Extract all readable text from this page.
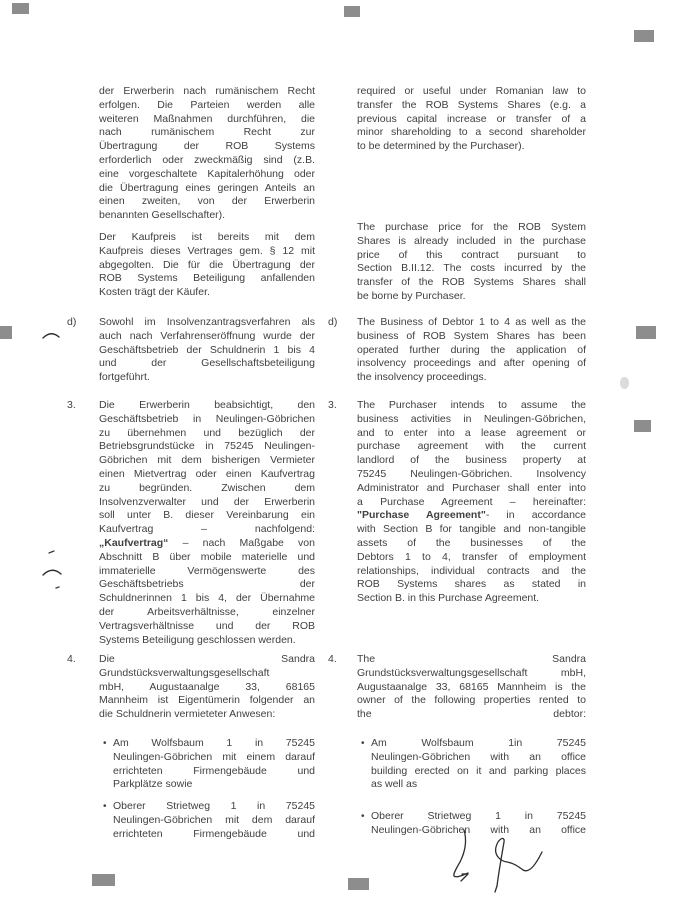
der Erwerberin nach rumänischem Recht
erfolgen. Die Parteien werden alle
weiteren Maßnahmen durchführen, die
nach rumänischem Recht zur
Übertragung der ROB Systems
erforderlich oder zweckmäßig sind (z.B.
eine vorgeschaltete Kapitalerhöhung oder
die Übertragung eines geringen Anteils an
einen zweiten, von der Erwerberin
benannten Gesellschafter).
Der Kaufpreis ist bereits mit dem
Kaufpreis dieses Vertrages gem. § 12 mit
abgegolten. Die für die Übertragung der
ROB Systems Beteiligung anfallenden
Kosten trägt der Käufer.
d)	Sowohl im Insolvenzantragsverfahren als
auch nach Verfahrenseröffnung wurde der
Geschäftsbetrieb der Schuldnerin 1 bis 4
und der Gesellschaftsbeteiligung
fortgeführt.
3.	Die Erwerberin beabsichtigt, den
Geschäftsbetrieb in Neulingen-Göbrichen
zu übernehmen und bezüglich der
Betriebsgrundstücke in 75245 Neulingen-
Göbrichen mit dem bisherigen Vermieter
einen Mietvertrag oder einen Kaufvertrag
zu begründen. Zwischen dem
Insolvenzverwalter und der Erwerberin
soll unter B. dieser Vereinbarung ein
Kaufvertrag – nachfolgend:
„Kaufvertrag“ – nach Maßgabe von
Abschnitt B über mobile materielle und
immaterielle Vermögenswerte des
Geschäftsbetriebs der
Schuldnerinnen 1 bis 4, der Übernahme
der Arbeitsverhältnisse, einzelner
Vertragsverhältnisse und der ROB
Systems Beteiligung geschlossen werden.
4.	Die Sandra
Grundstücksverwaltungsgesellschaft
mbH, Augustaanalge 33, 68165
Mannheim ist Eigentümerin folgender an
die Schuldnerin vermieteter Anwesen:
• Am Wolfsbaum 1 in 75245
Neulingen-Göbrichen mit einem darauf
errichteten Firmengebäude und
Parkplätze sowie
• Oberer Strietweg 1 in 75245
Neulingen-Göbrichen mit dem darauf
errichteten Firmengebäude und
required or useful under Romanian law to
transfer the ROB Systems Shares (e.g. a
previous capital increase or transfer of a
minor shareholding to a second shareholder
to be determined by the Purchaser).
The purchase price for the ROB System
Shares is already included in the purchase
price of this contract pursuant to
Section B.II.12. The costs incurred by the
transfer of the ROB Systems Shares shall
be borne by Purchaser.
d)	The Business of Debtor 1 to 4 as well as the
business of ROB System Shares has been
operated further during the application of
insolvency proceedings and after opening of
the insolvency proceedings.
3.	The Purchaser intends to assume the
business activities in Neulingen-Göbrichen,
and to enter into a lease agreement or
purchase agreement with the current
landlord of the business property at
75245 Neulingen-Göbrichen. Insolvency
Administrator and Purchaser shall enter into
a Purchase Agreement – hereinafter:
"Purchase Agreement"- in accordance
with Section B for tangible and non-tangible
assets of the businesses of the
Debtors 1 to 4, transfer of employment
relationships, individual contracts and the
ROB Systems shares as stated in
Section B. in this Purchase Agreement.
4.	The Sandra
Grundstücksverwaltungsgesellschaft mbH,
Augustaanalge 33, 68165 Mannheim is the
owner of the following properties rented to
the debtor:
• Am Wolfsbaum 1in 75245
Neulingen-Göbrichen with an office
building erected on it and parking places
as well as
• Oberer Strietweg 1 in 75245
Neulingen-Göbrichen with an office
